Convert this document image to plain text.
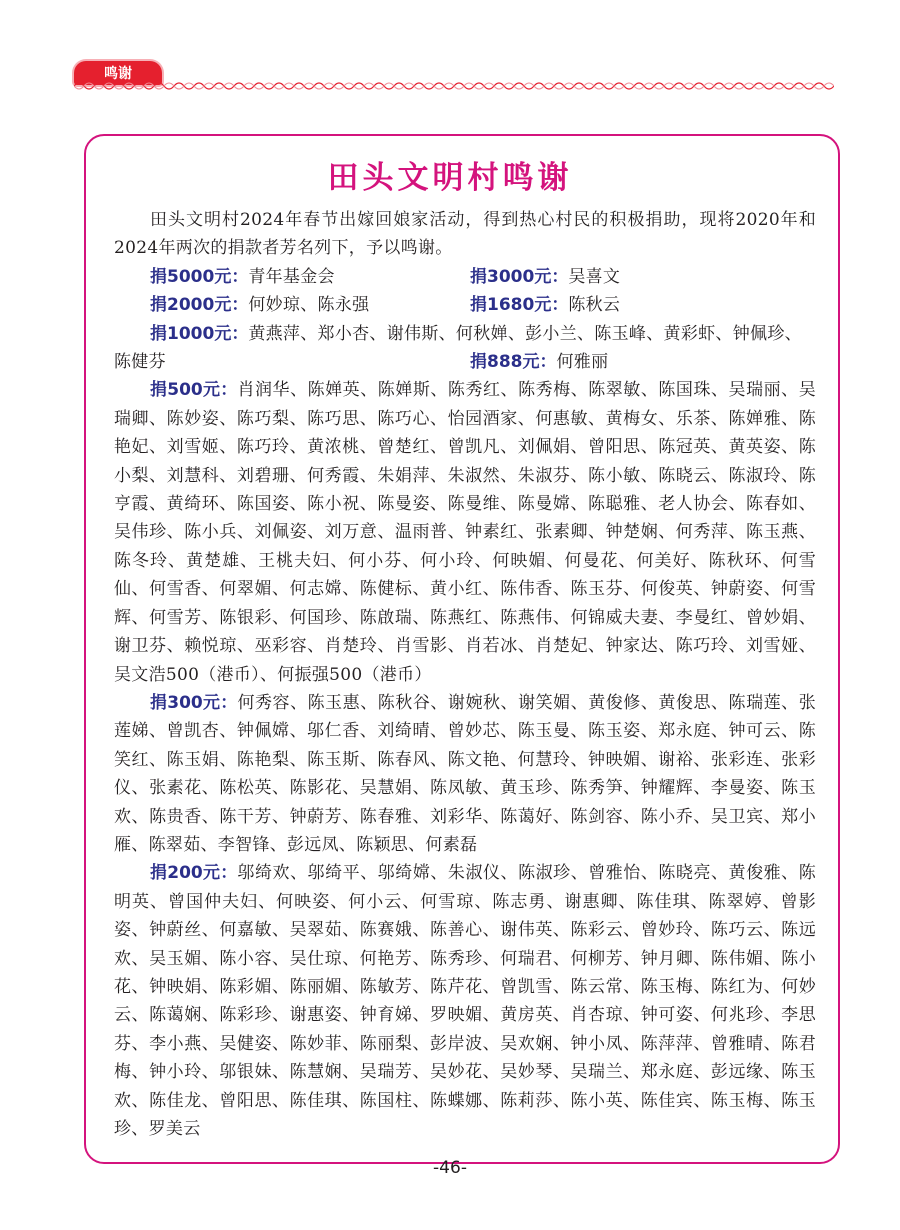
鸣谢
田头文明村鸣谢

田头文明村2024年春节出嫁回娘家活动，得到热心村民的积极捐助，现将2020年和2024年两次的捐款者芳名列下，予以鸣谢。

捐5000元：青年基金会	捐3000元：吴喜文
捐2000元：何妙琼、陈永强	捐1680元：陈秋云

捐1000元：黄燕萍、郑小杏、谢伟斯、何秋婵、彭小兰、陈玉峰、黄彩虾、钟佩珍、

陈健芬	捐888元：何雅丽

捐500元：肖润华、陈婵英、陈婵斯、陈秀红、陈秀梅、陈翠敏、陈国珠、吴瑞丽、吴瑞卿、陈妙姿、陈巧梨、陈巧思、陈巧心、怡园酒家、何惠敏、黄梅女、乐茶、陈婵雅、陈艳妃、刘雪姬、陈巧玲、黄浓桃、曾楚红、曾凯凡、刘佩娟、曾阳思、陈冠英、黄英姿、陈小梨、刘慧科、刘碧珊、何秀霞、朱娟萍、朱淑然、朱淑芬、陈小敏、陈晓云、陈淑玲、陈亨霞、黄绮环、陈国姿、陈小祝、陈曼姿、陈曼维、陈曼嫦、陈聪雅、老人协会、陈春如、吴伟珍、陈小兵、刘佩姿、刘万意、温雨普、钟素红、张素卿、钟楚娴、何秀萍、陈玉燕、陈冬玲、黄楚雄、王桃夫妇、何小芬、何小玲、何映媚、何曼花、何美好、陈秋环、何雪仙、何雪香、何翠媚、何志嫦、陈健标、黄小红、陈伟香、陈玉芬、何俊英、钟蔚姿、何雪辉、何雪芳、陈银彩、何国珍、陈啟瑞、陈燕红、陈燕伟、何锦威夫妻、李曼红、曾妙娟、谢卫芬、赖悦琼、巫彩容、肖楚玲、肖雪影、肖若冰、肖楚妃、钟家达、陈巧玲、刘雪娅、吴文浩500（港币）、何振强500（港币）

捐300元：何秀容、陈玉惠、陈秋谷、谢婉秋、谢笑媚、黄俊修、黄俊思、陈瑞莲、张莲娣、曾凯杏、钟佩嫦、邬仁香、刘绮晴、曾妙芯、陈玉曼、陈玉姿、郑永庭、钟可云、陈笑红、陈玉娟、陈艳梨、陈玉斯、陈春风、陈文艳、何慧玲、钟映媚、谢裕、张彩连、张彩仪、张素花、陈松英、陈影花、吴慧娟、陈凤敏、黄玉珍、陈秀笋、钟耀辉、李曼姿、陈玉欢、陈贵香、陈干芳、钟蔚芳、陈春雅、刘彩华、陈蔼好、陈剑容、陈小乔、吴卫宾、郑小雁、陈翠茹、李智锋、彭远凤、陈颖思、何素磊

捐200元：邬绮欢、邬绮平、邬绮嫦、朱淑仪、陈淑珍、曾雅怡、陈晓亮、黄俊雅、陈明英、曾国仲夫妇、何映姿、何小云、何雪琼、陈志勇、谢惠卿、陈佳琪、陈翠婷、曾影姿、钟蔚丝、何嘉敏、吴翠茹、陈赛娥、陈善心、谢伟英、陈彩云、曾妙玲、陈巧云、陈远欢、吴玉媚、陈小容、吴仕琼、何艳芳、陈秀珍、何瑞君、何柳芳、钟月卿、陈伟媚、陈小花、钟映娟、陈彩媚、陈丽媚、陈敏芳、陈芹花、曾凯雪、陈云常、陈玉梅、陈红为、何妙云、陈蔼娴、陈彩珍、谢惠姿、钟育娣、罗映媚、黄房英、肖杏琼、钟可姿、何兆珍、李思芬、李小燕、吴健姿、陈妙菲、陈丽梨、彭岸波、吴欢娴、钟小凤、陈萍萍、曾雅晴、陈君梅、钟小玲、邬银妹、陈慧娴、吴瑞芳、吴妙花、吴妙琴、吴瑞兰、郑永庭、彭远缘、陈玉欢、陈佳龙、曾阳思、陈佳琪、陈国柱、陈蝶娜、陈莉莎、陈小英、陈佳宾、陈玉梅、陈玉珍、罗美云

-46-
